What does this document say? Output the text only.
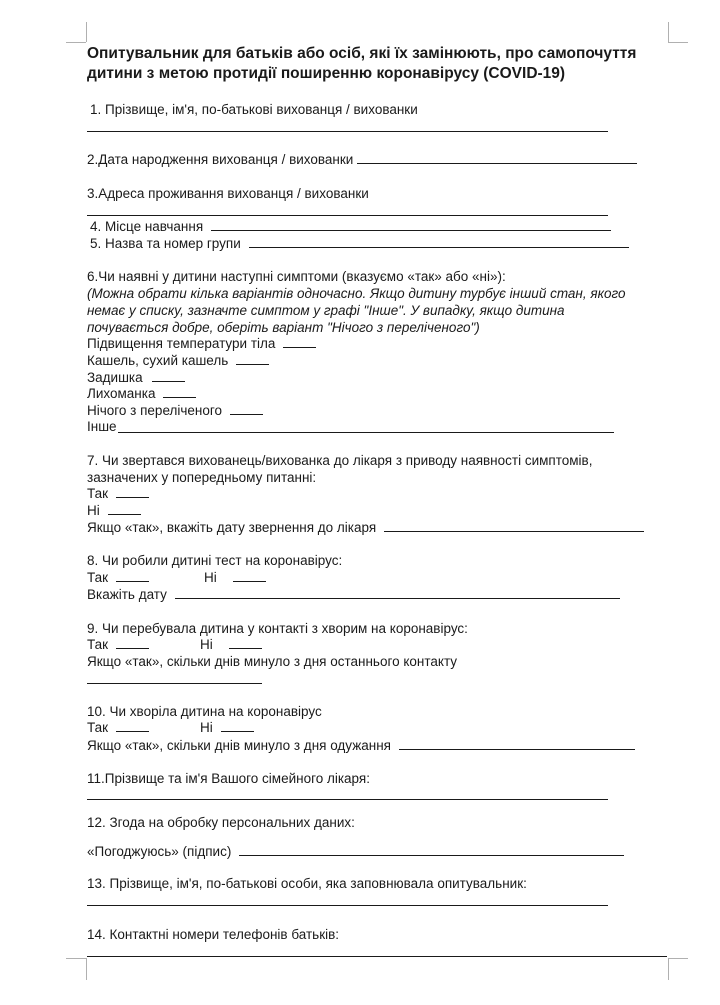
Опитувальник для батьків або осіб, які їх замінюють, про самопочуття
дитини з метою протидії поширенню коронавірусу (COVID-19)
1. Прізвище, ім'я, по-батькові вихованця / вихованки
2.Дата народження вихованця / вихованки
3.Адреса проживання вихованця / вихованки
4. Місце навчання
5. Назва та номер групи
6.Чи наявні у дитини наступні симптоми (вказуємо «так» або «ні»):
(Можна обрати кілька варіантів одночасно. Якщо дитину турбує інший стан, якого
немає у списку, зазначте симптом у графі "Інше". У випадку, якщо дитина
почувається добре, оберіть варіант "Нічого з переліченого")
Підвищення температури тіла
Кашель, сухий кашель
Задишка
Лихоманка
Нічого з переліченого
Інше
7. Чи звертався вихованець/вихованка до лікаря з приводу наявності симптомів,
зазначених у попередньому питанні:
Так
Ні
Якщо «так», вкажіть дату звернення до лікаря
8. Чи робили дитині тест на коронавірус:
Так	Ні
Вкажіть дату
9. Чи перебувала дитина у контакті з хворим на коронавірус:
Так	Ні
Якщо «так», скільки днів минуло з дня останнього контакту
10. Чи хворіла дитина на коронавірус
Так	Ні
Якщо «так», скільки днів минуло з дня одужання
11.Прізвище та ім'я Вашого сімейного лікаря:
12. Згода на обробку персональних даних:
«Погоджуюсь» (підпис)
13. Прізвище, ім'я, по-батькові особи, яка заповнювала опитувальник:
14. Контактні номери телефонів батьків:
